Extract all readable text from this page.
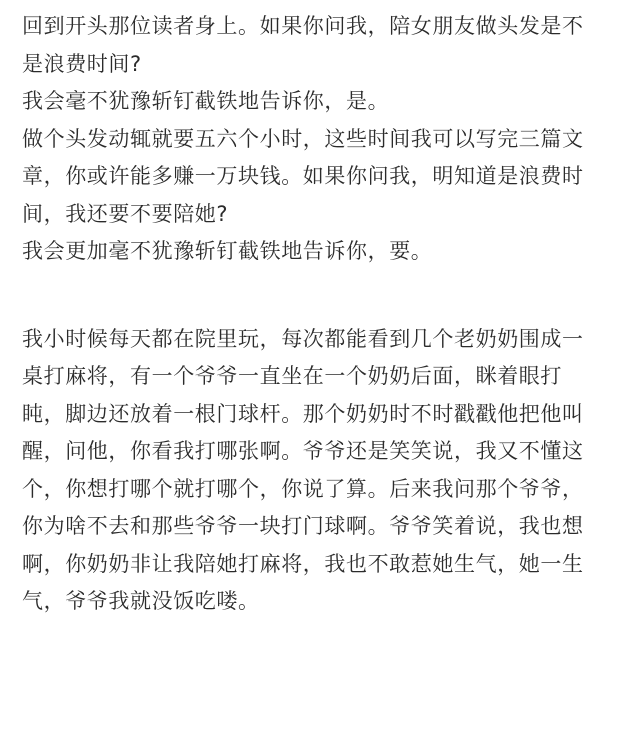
回到开头那位读者身上。如果你问我，陪女朋友做头发是不
是浪费时间?
我会毫不犹豫斩钉截铁地告诉你，是。
做个头发动辄就要五六个小时，这些时间我可以写完三篇文
章，你或许能多赚一万块钱。如果你问我，明知道是浪费时
间，我还要不要陪她?
我会更加毫不犹豫斩钉截铁地告诉你，要。
我小时候每天都在院里玩，每次都能看到几个老奶奶围成一
桌打麻将，有一个爷爷一直坐在一个奶奶后面，眯着眼打
盹，脚边还放着一根门球杆。那个奶奶时不时戳戳他把他叫
醒，问他，你看我打哪张啊。爷爷还是笑笑说，我又不懂这
个，你想打哪个就打哪个，你说了算。后来我问那个爷爷，
你为啥不去和那些爷爷一块打门球啊。爷爷笑着说，我也想
啊，你奶奶非让我陪她打麻将，我也不敢惹她生气，她一生
气，爷爷我就没饭吃喽。
